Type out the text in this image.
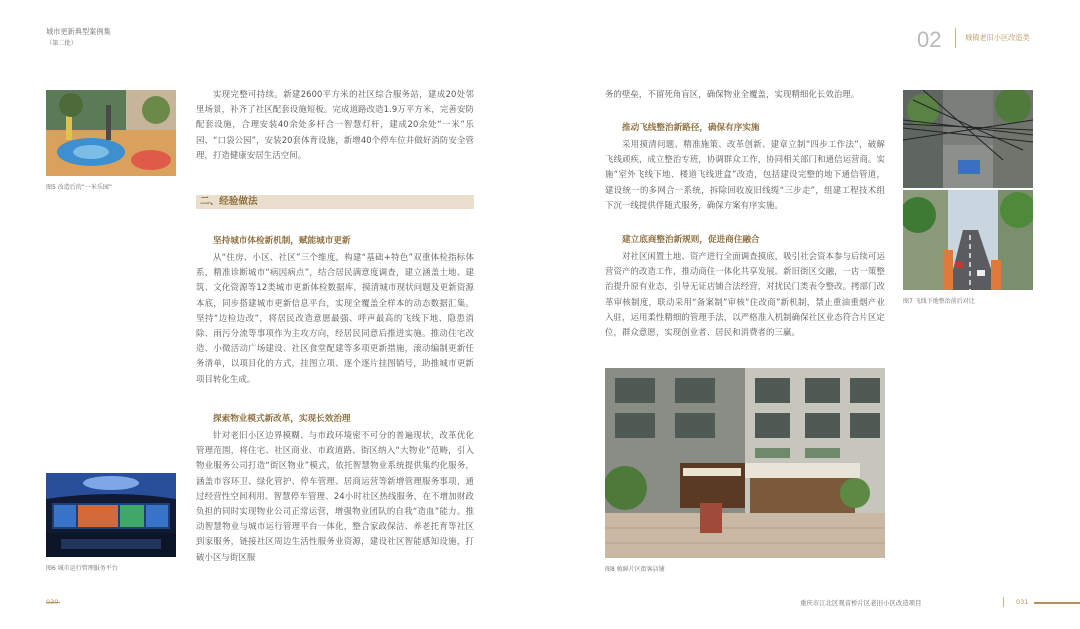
城市更新典型案例集
（第二批）	02	城镇老旧小区改造类
图5 改造后的“一米乐园”
图6 城市运行管理服务平台
实现完整可持续。新建2600平方米的社区综合服务站，建成20处邻里场景，补齐了社区配套设施短板。完成道路改造1.9万平方米，完善安防配套设施，合理安装40余处多杆合一智慧灯杆，建成20余处“一米”乐园、“口袋公园”，安装20套体育设施，新增40个停车位并做好消防安全管理，打造健康安居生活空间。
二、经验做法
坚持城市体检新机制，赋能城市更新
从“住房、小区、社区”三个维度，构建“基础+特色”双重体检指标体系，精准诊断城市“病因病点”，结合居民满意度调查，建立涵盖土地、建筑、文化资源等12类城市更新体检数据库，摸清城市现状问题及更新资源本底，同步搭建城市更新信息平台，实现全覆盖全样本的动态数据汇集。坚持“边检边改”，将居民改造意愿最强、呼声最高的飞线下地、隐患消除、雨污分流等事项作为主攻方向，经居民同意后推进实施。推动住宅改造、小微活动广场建设、社区食堂配建等多项更新措施，滚动编制更新任务清单，以项目化的方式，挂图立项、逐个逐片挂图销号，助推城市更新项目转化生成。
探索物业模式新改革，实现长效治理
针对老旧小区边界模糊、与市政环境密不可分的普遍现状，改革优化管理范围，将住宅、社区商业、市政道路、街区纳入“大物业”范畴，引入物业服务公司打造“街区物业”模式，依托智慧物业系统提供集约化服务，涵盖市容环卫、绿化管护、停车管理、居商运营等新增管理服务事项，通过经营性空间利用、智慧停车管理、24小时社区热线服务，在不增加财政负担的同时实现物业公司正常运营，增强物业团队的自我“造血”能力。推动智慧物业与城市运行管理平台一体化，整合家政保洁、养老托育等社区到家服务，链接社区周边生活性服务业资源，建设社区智能感知设施，打破小区与街区服
务的壁垒，不留死角盲区，确保物业全覆盖，实现精细化长效治理。
推动飞线整治新路径，确保有序实施
采用摸清问题、精准施策、改革创新、建章立制“四步工作法”，破解飞线顽疾，成立整治专班，协调群众工作，协同相关部门和通信运营商。实施“室外飞线下地、楼道飞线进盒”改造，包括建设完整的地下通信管道，建设统一的多网合一系统，拆除回收废旧线缆“三步走”，组建工程技术组下沉一线提供伴随式服务，确保方案有序实施。
建立底商整治新规则，促进商住融合
对社区闲置土地、资产进行全面调查摸底，吸引社会资本参与后续可运营资产的改造工作，推动商住一体化共享发展。新旧街区交融，一店一策整治提升原有业态，引导无证店铺合法经营，对扰民门类表令整改。拷部门改革审核制度，联动采用“备案制”审核“住改商”新机制，禁止重油重烟产业入驻，运用柔性精细的管理手法，以严格准入机制确保社区业态符合片区定位，群众意愿，实现创业者、居民和消费者的三赢。
图7 飞线下地整治前后对比
图8 植鲜片区街客店铺
030	重庆市江北区观音桥片区老旧小区改造项目	031
